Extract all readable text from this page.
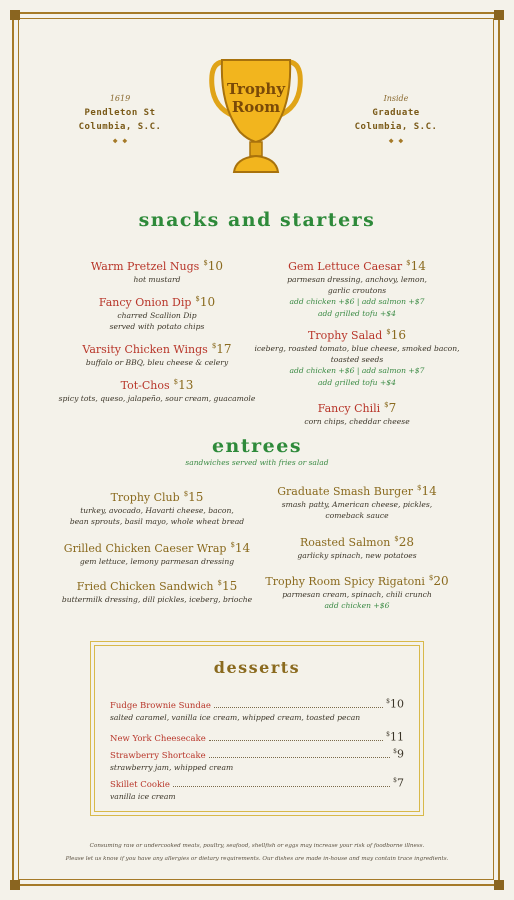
1619
Pendleton St
Columbia, S.C.
◆ ◆
Inside
Graduate
Columbia, S.C.
◆ ◆
Trophy
Room
snacks and starters
Warm Pretzel Nugs $10
hot mustard
Fancy Onion Dip $10
charred Scallion Dip
served with potato chips
Varsity Chicken Wings $17
buffalo or BBQ, bleu cheese & celery
Tot-Chos $13
spicy tots, queso, jalapeño, sour cream, guacamole
Gem Lettuce Caesar $14
parmesan dressing, anchovy, lemon,
garlic croutons
add chicken +$6 | add salmon +$7
add grilled tofu +$4
Trophy Salad $16
iceberg, roasted tomato, blue cheese, smoked bacon,
toasted seeds
add chicken +$6 | add salmon +$7
add grilled tofu +$4
Fancy Chili $7
corn chips, cheddar cheese
entrees
sandwiches served with fries or salad
Trophy Club $15
turkey, avocado, Havarti cheese, bacon,
bean sprouts, basil mayo, whole wheat bread
Grilled Chicken Caeser Wrap $14
gem lettuce, lemony parmesan dressing
Fried Chicken Sandwich $15
buttermilk dressing, dill pickles, iceberg, brioche
Graduate Smash Burger $14
smash patty, American cheese, pickles,
comeback sauce
Roasted Salmon $28
garlicky spinach, new potatoes
Trophy Room Spicy Rigatoni $20
parmesan cream, spinach, chili crunch
add chicken +$6
desserts
Fudge Brownie Sundae	$10
salted caramel, vanilla ice cream, whipped cream, toasted pecan
New York Cheesecake	$11
Strawberry Shortcake	$9
strawberry jam, whipped cream
Skillet Cookie	$7
vanilla ice cream
Consuming raw or undercooked meats, poultry, seafood, shellfish or eggs may increase your risk of foodborne illness.
Please let us know if you have any allergies or dietary requirements. Our dishes are made in-house and may contain trace ingredients.
